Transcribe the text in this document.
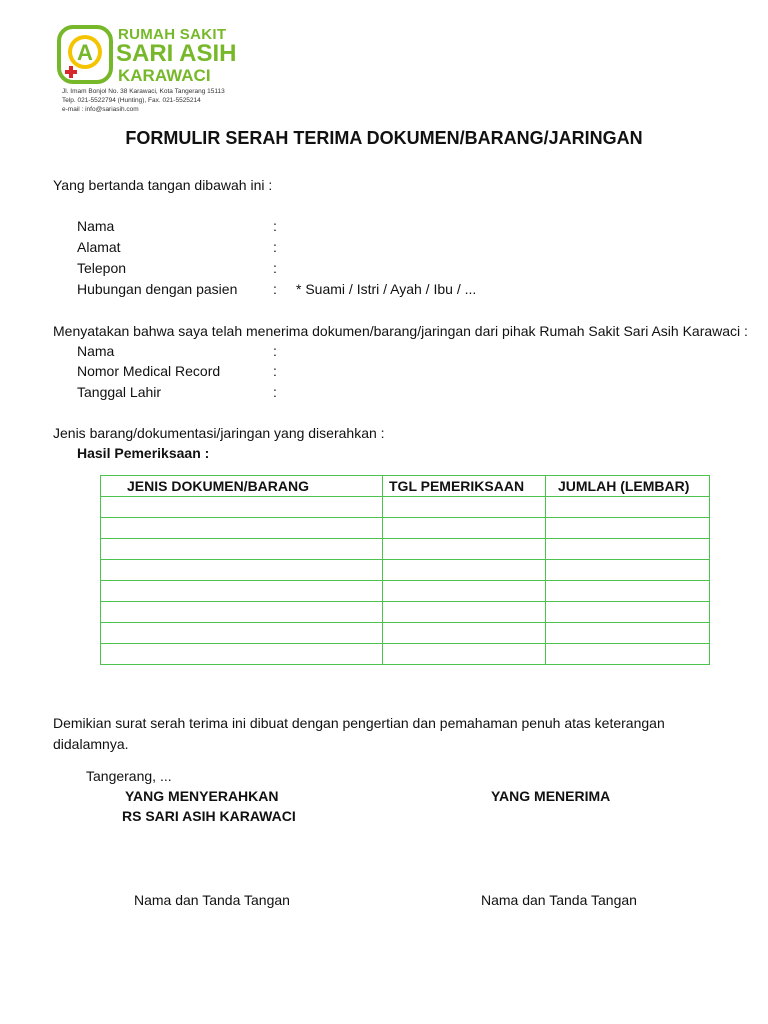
A
RUMAH SAKIT
SARI ASIH
KARAWACI
Jl. Imam Bonjol No. 38 Karawaci, Kota Tangerang 15113
Telp. 021-5522794 (Hunting), Fax. 021-5525214
e-mail : info@sariasih.com
FORMULIR SERAH TERIMA DOKUMEN/BARANG/JARINGAN
Yang bertanda tangan dibawah ini :
Nama	:
Alamat	:
Telepon	:
Hubungan dengan pasien	: * Suami / Istri / Ayah / Ibu / ...
Menyatakan bahwa saya telah menerima dokumen/barang/jaringan dari pihak Rumah Sakit Sari Asih Karawaci :
Nama	:
Nomor Medical Record	:
Tanggal Lahir	:
Jenis barang/dokumentasi/jaringan yang diserahkan :
Hasil Pemeriksaan :
JENIS DOKUMEN/BARANG	TGL PEMERIKSAAN	JUMLAH (LEMBAR)

Demikian surat serah terima ini dibuat dengan pengertian dan pemahaman penuh atas keterangan
didalamnya.
Tangerang, ...
YANG MENYERAHKAN
RS SARI ASIH KARAWACI
YANG MENERIMA
Nama dan Tanda Tangan	Nama dan Tanda Tangan
